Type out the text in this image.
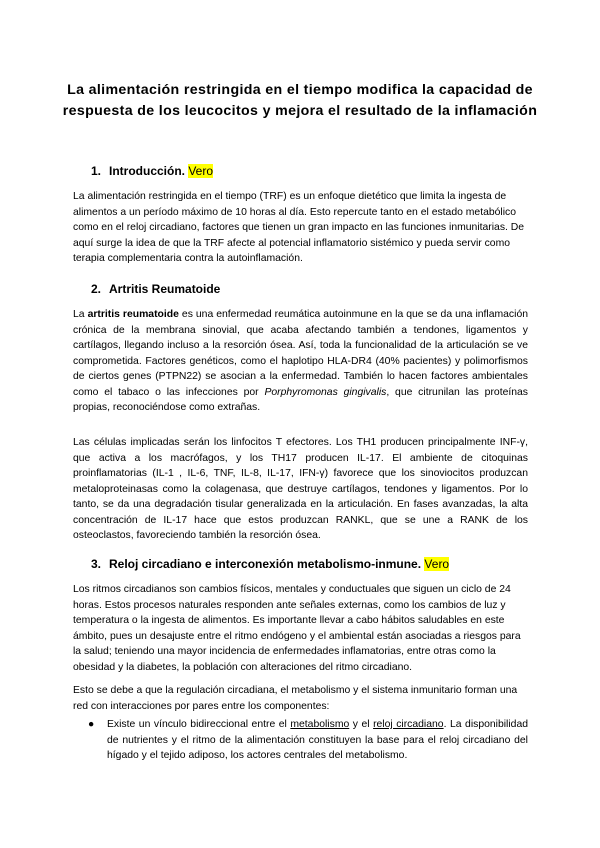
La alimentación restringida en el tiempo modifica la capacidad de respuesta de los leucocitos y mejora el resultado de la inflamación
1. Introducción. Vero

La alimentación restringida en el tiempo (TRF) es un enfoque dietético que limita la ingesta de alimentos a un período máximo de 10 horas al día. Esto repercute tanto en el estado metabólico como en el reloj circadiano, factores que tienen un gran impacto en las funciones inmunitarias. De aquí surge la idea de que la TRF afecte al potencial inflamatorio sistémico y pueda servir como terapia complementaria contra la autoinflamación.

2. Artritis Reumatoide

La artritis reumatoide es una enfermedad reumática autoinmune en la que se da una inflamación crónica de la membrana sinovial, que acaba afectando también a tendones, ligamentos y cartílagos, llegando incluso a la resorción ósea. Así, toda la funcionalidad de la articulación se ve comprometida. Factores genéticos, como el haplotipo HLA-DR4 (40% pacientes) y polimorfismos de ciertos genes (PTPN22) se asocian a la enfermedad. También lo hacen factores ambientales como el tabaco o las infecciones por Porphyromonas gingivalis, que citrunilan las proteínas propias, reconociéndose como extrañas.

Las células implicadas serán los linfocitos T efectores. Los TH1 producen principalmente INF-γ, que activa a los macrófagos, y los TH17 producen IL-17. El ambiente de citoquinas proinflamatorias (IL-1 , IL-6, TNF, IL-8, IL-17, IFN-γ) favorece que los sinoviocitos produzcan metaloproteinasas como la colagenasa, que destruye cartílagos, tendones y ligamentos. Por lo tanto, se da una degradación tisular generalizada en la articulación. En fases avanzadas, la alta concentración de IL-17 hace que estos produzcan RANKL, que se une a RANK de los osteoclastos, favoreciendo también la resorción ósea.

3. Reloj circadiano e interconexión metabolismo-inmune. Vero

Los ritmos circadianos son cambios físicos, mentales y conductuales que siguen un ciclo de 24 horas. Estos procesos naturales responden ante señales externas, como los cambios de luz y temperatura o la ingesta de alimentos. Es importante llevar a cabo hábitos saludables en este ámbito, pues un desajuste entre el ritmo endógeno y el ambiental están asociadas a riesgos para la salud; teniendo una mayor incidencia de enfermedades inflamatorias, entre otras como la obesidad y la diabetes, la población con alteraciones del ritmo circadiano.

Esto se debe a que la regulación circadiana, el metabolismo y el sistema inmunitario forman una red con interacciones por pares entre los componentes:

● Existe un vínculo bidireccional entre el metabolismo y el reloj circadiano. La disponibilidad de nutrientes y el ritmo de la alimentación constituyen la base para el reloj circadiano del hígado y el tejido adiposo, los actores centrales del metabolismo.
